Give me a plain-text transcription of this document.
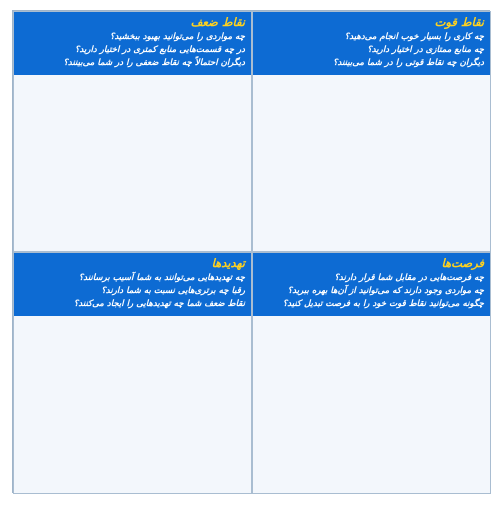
نقاط ضعف
چه مواردی را می‌توانید بهبود ببخشید؟
در چه قسمت‌هایی منابع کمتری در اختیار دارید؟
دیگران احتمالاً چه نقاط ضعفی را در شما می‌بینند؟
نقاط قوت
چه کاری را بسیار خوب انجام می‌دهید؟
چه منابع ممتازی در اختیار دارید؟
دیگران چه نقاط قوتی را در شما می‌بینند؟
تهدیدها
چه تهدیدهایی می‌توانند به شما آسیب برسانند؟
رقبا چه برتری‌هایی نسبت به شما دارند؟
نقاط ضعف شما چه تهدیدهایی را ایجاد می‌کنند؟
فرصت‌ها
چه فرصت‌هایی در مقابل شما قرار دارند؟
چه مواردی وجود دارند که می‌توانید از آن‌ها بهره ببرید؟
چگونه می‌توانید نقاط قوت خود را به فرصت تبدیل کنید؟
